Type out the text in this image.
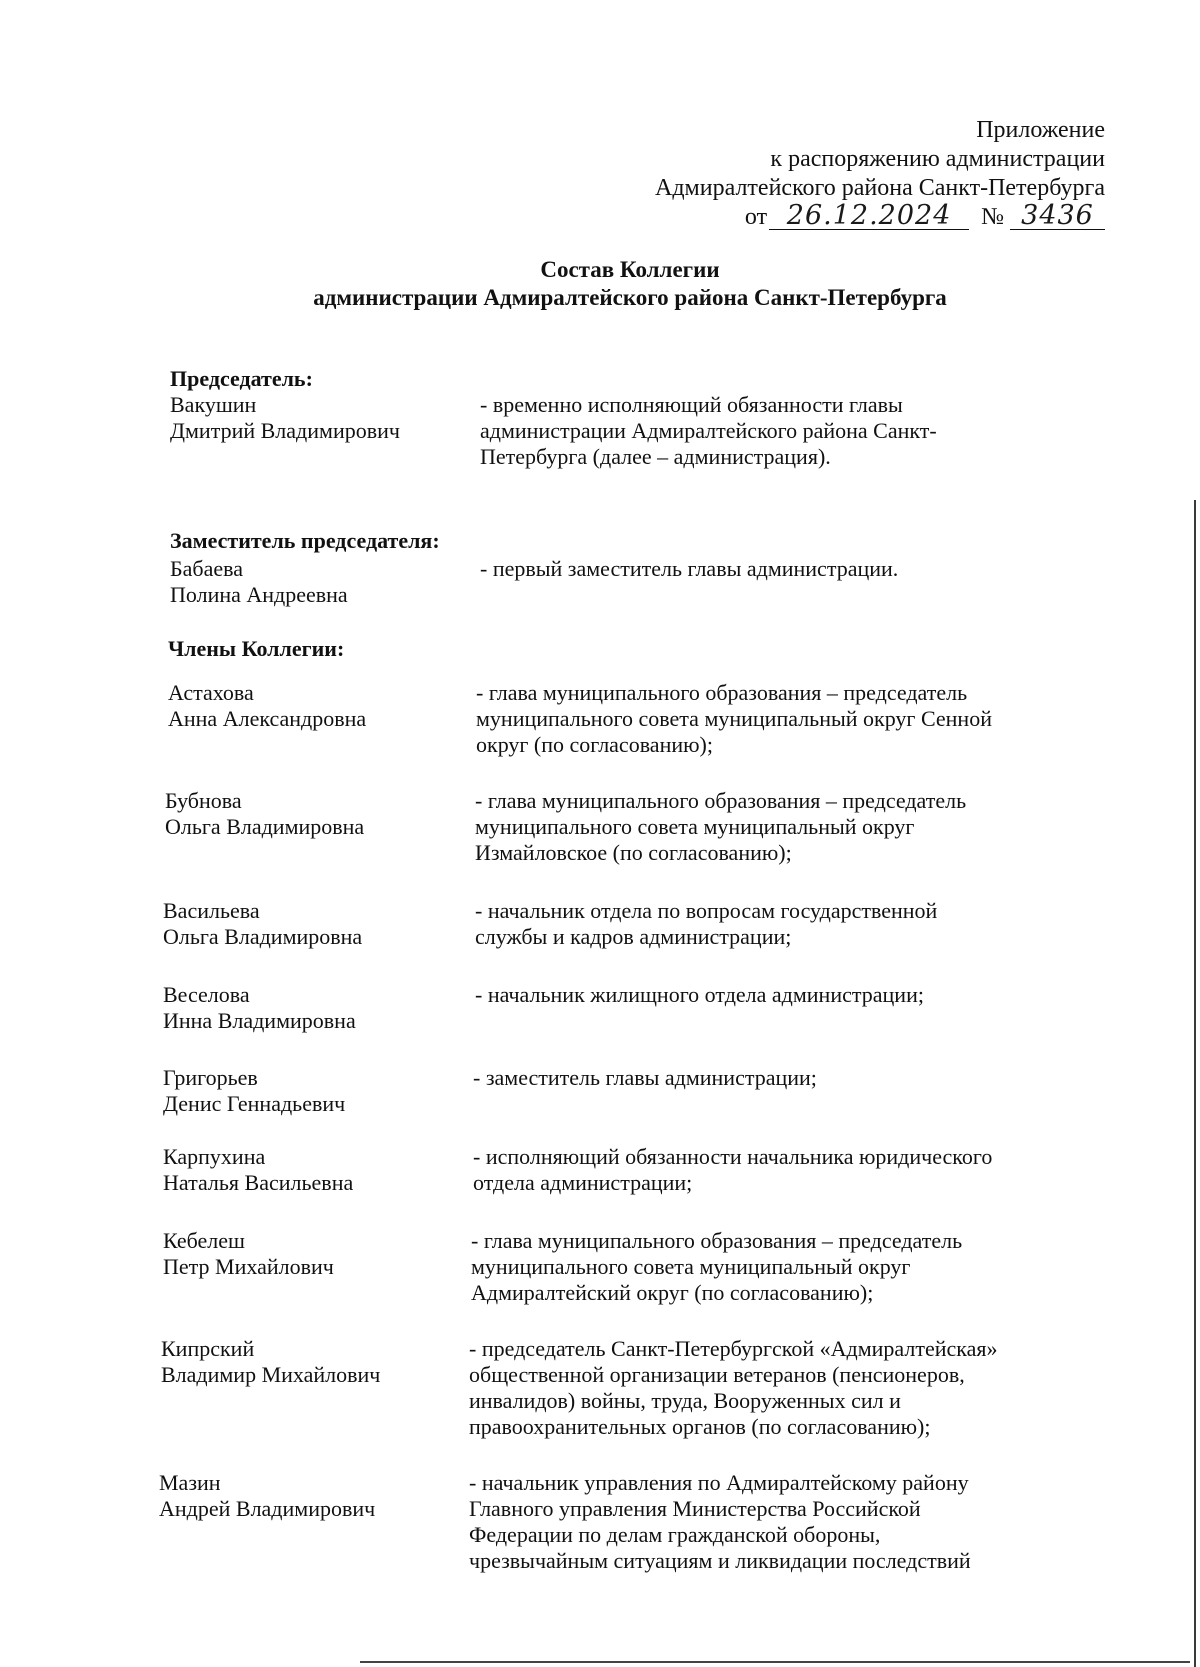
Приложение
к распоряжению администрации
Адмиралтейского района Санкт-Петербурга
от 26.12.2024 № 3436
Состав Коллегии
администрации Адмиралтейского района Санкт-Петербурга
Председатель:
Вакушин
Дмитрий Владимирович
- временно исполняющий обязанности главы администрации Адмиралтейского района Санкт-Петербурга (далее – администрация).
Заместитель председателя:
Бабаева
Полина Андреевна
- первый заместитель главы администрации.
Члены Коллегии:
Астахова
Анна Александровна
- глава муниципального образования – председатель муниципального совета муниципальный округ Сенной округ (по согласованию);
Бубнова
Ольга Владимировна
- глава муниципального образования – председатель муниципального совета муниципальный округ Измайловское (по согласованию);
Васильева
Ольга Владимировна
- начальник отдела по вопросам государственной службы и кадров администрации;
Веселова
Инна Владимировна
- начальник жилищного отдела администрации;
Григорьев
Денис Геннадьевич
- заместитель главы администрации;
Карпухина
Наталья Васильевна
- исполняющий обязанности начальника юридического отдела администрации;
Кебелеш
Петр Михайлович
- глава муниципального образования – председатель муниципального совета муниципальный округ Адмиралтейский округ (по согласованию);
Кипрский
Владимир Михайлович
- председатель Санкт-Петербургской «Адмиралтейская» общественной организации ветеранов (пенсионеров, инвалидов) войны, труда, Вооруженных сил и правоохранительных органов (по согласованию);
Мазин
Андрей Владимирович
- начальник управления по Адмиралтейскому району Главного управления Министерства Российской Федерации по делам гражданской обороны, чрезвычайным ситуациям и ликвидации последствий
